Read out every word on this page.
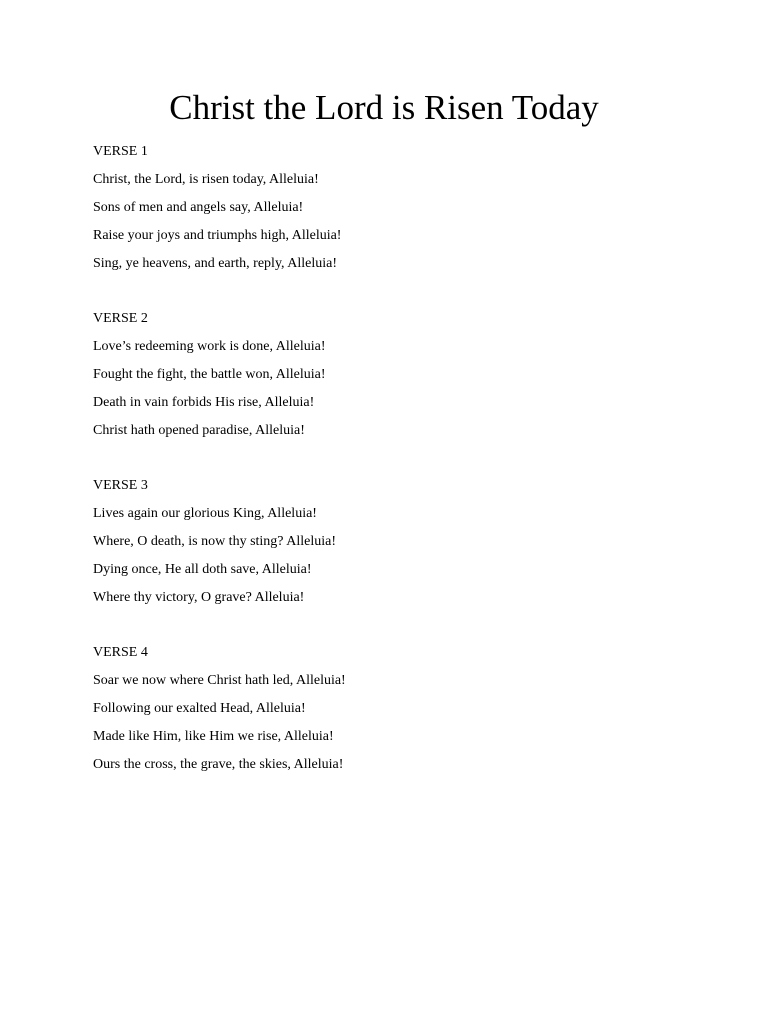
Christ the Lord is Risen Today

VERSE 1

Christ, the Lord, is risen today, Alleluia!

Sons of men and angels say, Alleluia!

Raise your joys and triumphs high, Alleluia!

Sing, ye heavens, and earth, reply, Alleluia!

VERSE 2

Love’s redeeming work is done, Alleluia!

Fought the fight, the battle won, Alleluia!

Death in vain forbids His rise, Alleluia!

Christ hath opened paradise, Alleluia!

VERSE 3

Lives again our glorious King, Alleluia!

Where, O death, is now thy sting? Alleluia!

Dying once, He all doth save, Alleluia!

Where thy victory, O grave? Alleluia!

VERSE 4

Soar we now where Christ hath led, Alleluia!

Following our exalted Head, Alleluia!

Made like Him, like Him we rise, Alleluia!

Ours the cross, the grave, the skies, Alleluia!
